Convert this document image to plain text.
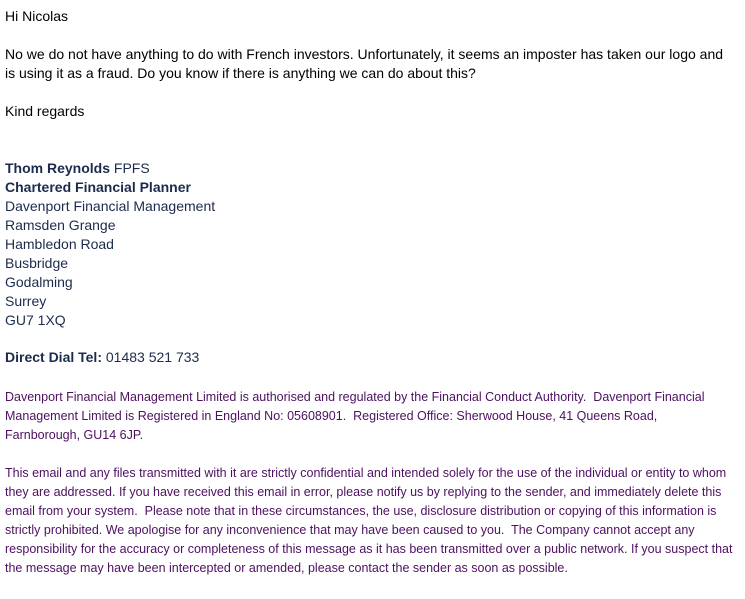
Hi Nicolas

No we do not have anything to do with French investors. Unfortunately, it seems an imposter has taken our logo and is using it as a fraud. Do you know if there is anything we can do about this?

Kind regards

Thom Reynolds FPFS
Chartered Financial Planner
Davenport Financial Management
Ramsden Grange
Hambledon Road
Busbridge
Godalming
Surrey
GU7 1XQ
Direct Dial Tel: 01483 521 733

Davenport Financial Management Limited is authorised and regulated by the Financial Conduct Authority.  Davenport Financial Management Limited is Registered in England No: 05608901.  Registered Office: Sherwood House, 41 Queens Road, Farnborough, GU14 6JP.

This email and any files transmitted with it are strictly confidential and intended solely for the use of the individual or entity to whom they are addressed. If you have received this email in error, please notify us by replying to the sender, and immediately delete this email from your system.  Please note that in these circumstances, the use, disclosure distribution or copying of this information is strictly prohibited. We apologise for any inconvenience that may have been caused to you.  The Company cannot accept any responsibility for the accuracy or completeness of this message as it has been transmitted over a public network. If you suspect that the message may have been intercepted or amended, please contact the sender as soon as possible.
